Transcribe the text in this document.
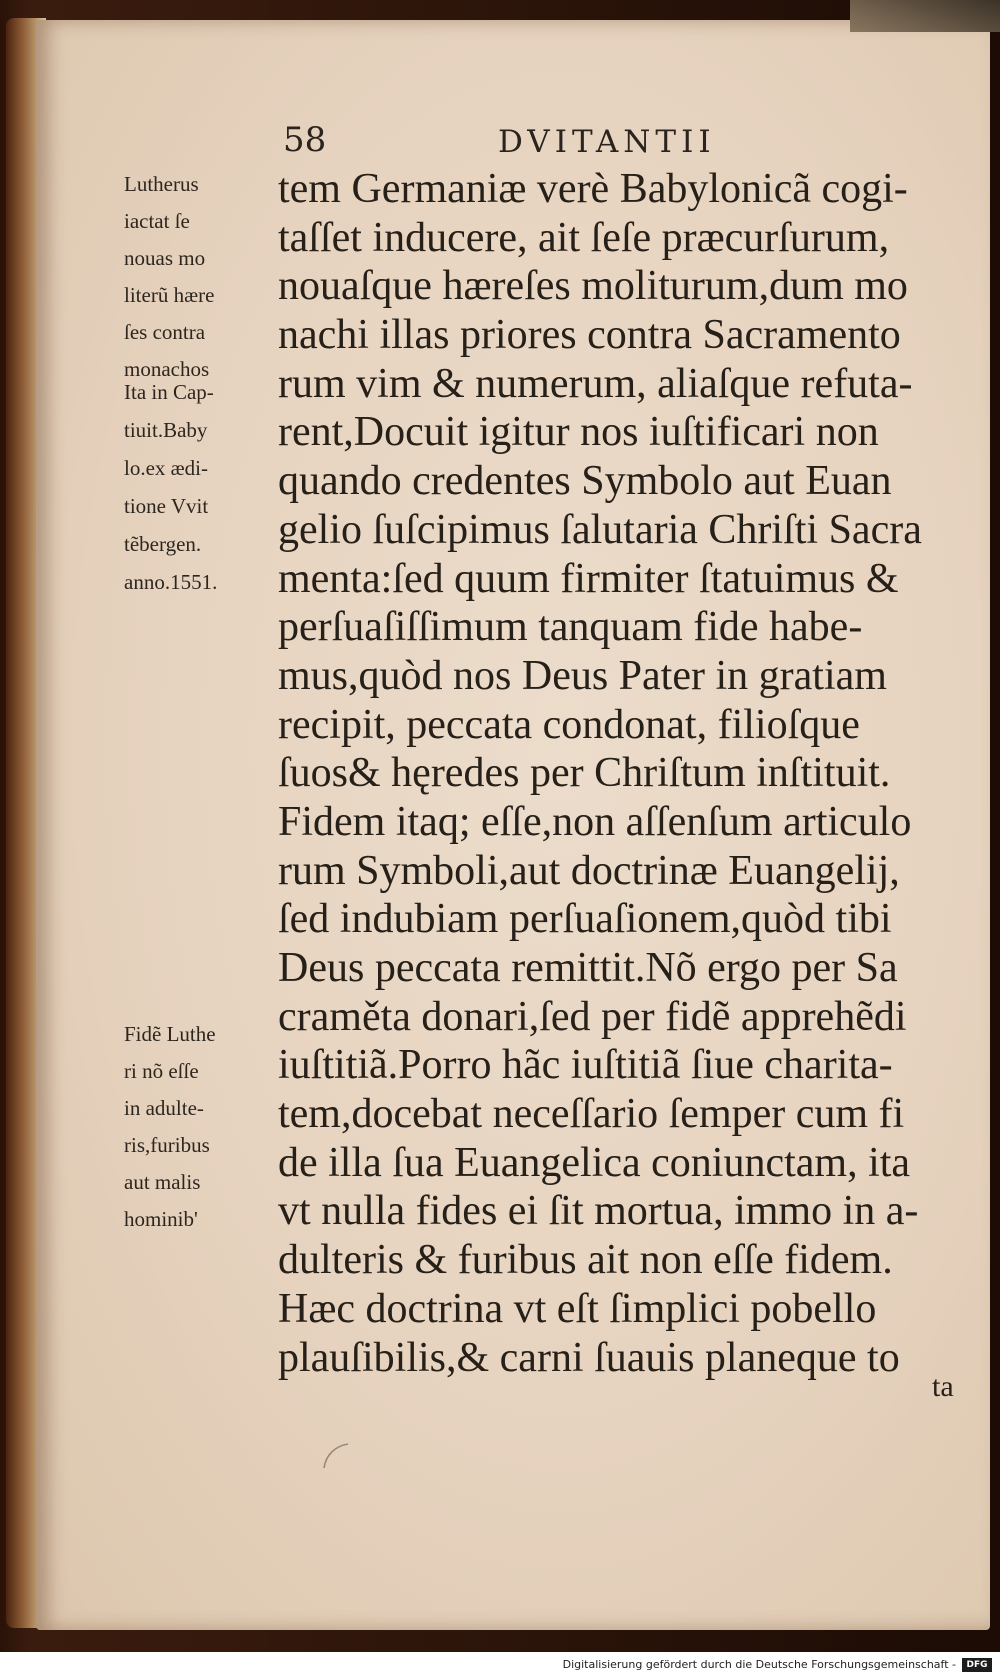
58	DVITANTII
tem Germaniæ verè Babylonicã cogi-
taſſet inducere, ait ſeſe præcurſurum,
nouaſque hæreſes moliturum,dum mo
nachi illas priores contra Sacramento
rum vim & numerum, aliaſque refuta-
rent,Docuit igitur nos iuſtificari non
quando credentes Symbolo aut Euan
gelio ſuſcipimus ſalutaria Chriſti Sacra
menta:ſed quum firmiter ſtatuimus &
perſuaſiſſimum tanquam fide habe-
mus,quòd nos Deus Pater in gratiam
recipit, peccata condonat, filioſque
ſuos& hęredes per Chriſtum inſtituit.
Fidem itaq; eſſe,non aſſenſum articulo
rum Symboli,aut doctrinæ Euangelij,
ſed indubiam perſuaſionem,quòd tibi
Deus peccata remittit.Nõ ergo per Sa
craměta donari,ſed per fidẽ apprehẽdi
iuſtitiã.Porro hãc iuſtitiã ſiue charita-
tem,docebat neceſſario ſemper cum fi
de illa ſua Euangelica coniunctam, ita
vt nulla fides ei ſit mortua, immo in a-
dulteris & furibus ait non eſſe fidem.
Hæc doctrina vt eſt ſimplici pobello
plauſibilis,& carni ſuauis planeque to
Lutherus
iactat ſe
nouas mo
literũ hære
ſes contra
monachos
Ita in Cap-
tiuit.Baby
lo.ex ædi-
tione Vvit
tẽbergen.
anno.1551.
Fidẽ Luthe
ri nõ eſſe
in adulte-
ris,furibus
aut malis
hominib'
ta
Digitalisierung gefördert durch die Deutsche Forschungsgemeinschaft -	DFG
